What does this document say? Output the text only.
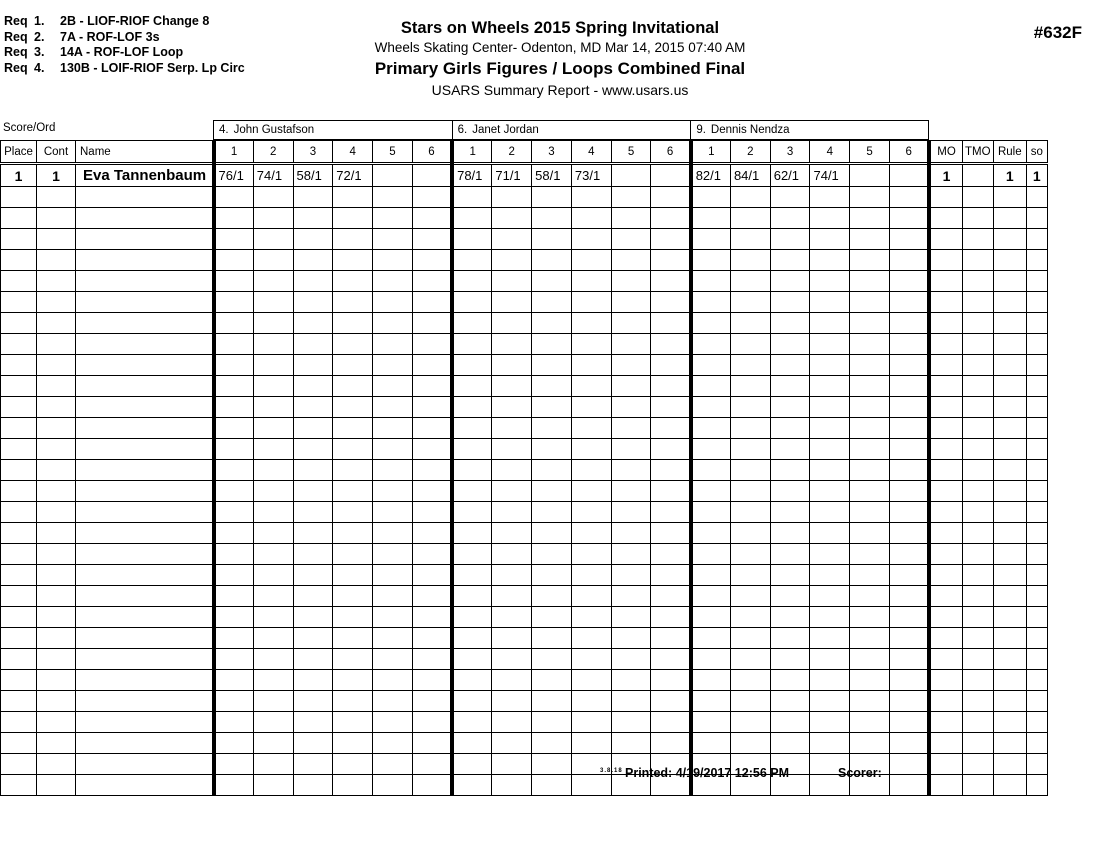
Req 1. 2B - LIOF-RIOF Change 8
Req 2. 7A - ROF-LOF 3s
Req 3. 14A - ROF-LOF Loop
Req 4. 130B - LOIF-RIOF Serp. Lp Circ
Stars on Wheels 2015 Spring Invitational
Wheels Skating Center- Odenton, MD Mar 14, 2015 07:40 AM
Primary Girls Figures / Loops Combined Final
USARS Summary Report - www.usars.us
#632F
Score/Ord	4. John Gustafson	6. Janet Jordan	9. Dennis Nendza
Place	Cont	Name	1	2	3	4	5	6	1	2	3	4	5	6	1	2	3	4	5	6	MO	TMO	Rule	so
1	1	Eva Tannenbaum	76/1	74/1	58/1	72/1			78/1	71/1	58/1	73/1			82/1	84/1	62/1	74/1			1		1	1

3.8.18 Printed: 4/19/2017 12:56 PM	Scorer:
